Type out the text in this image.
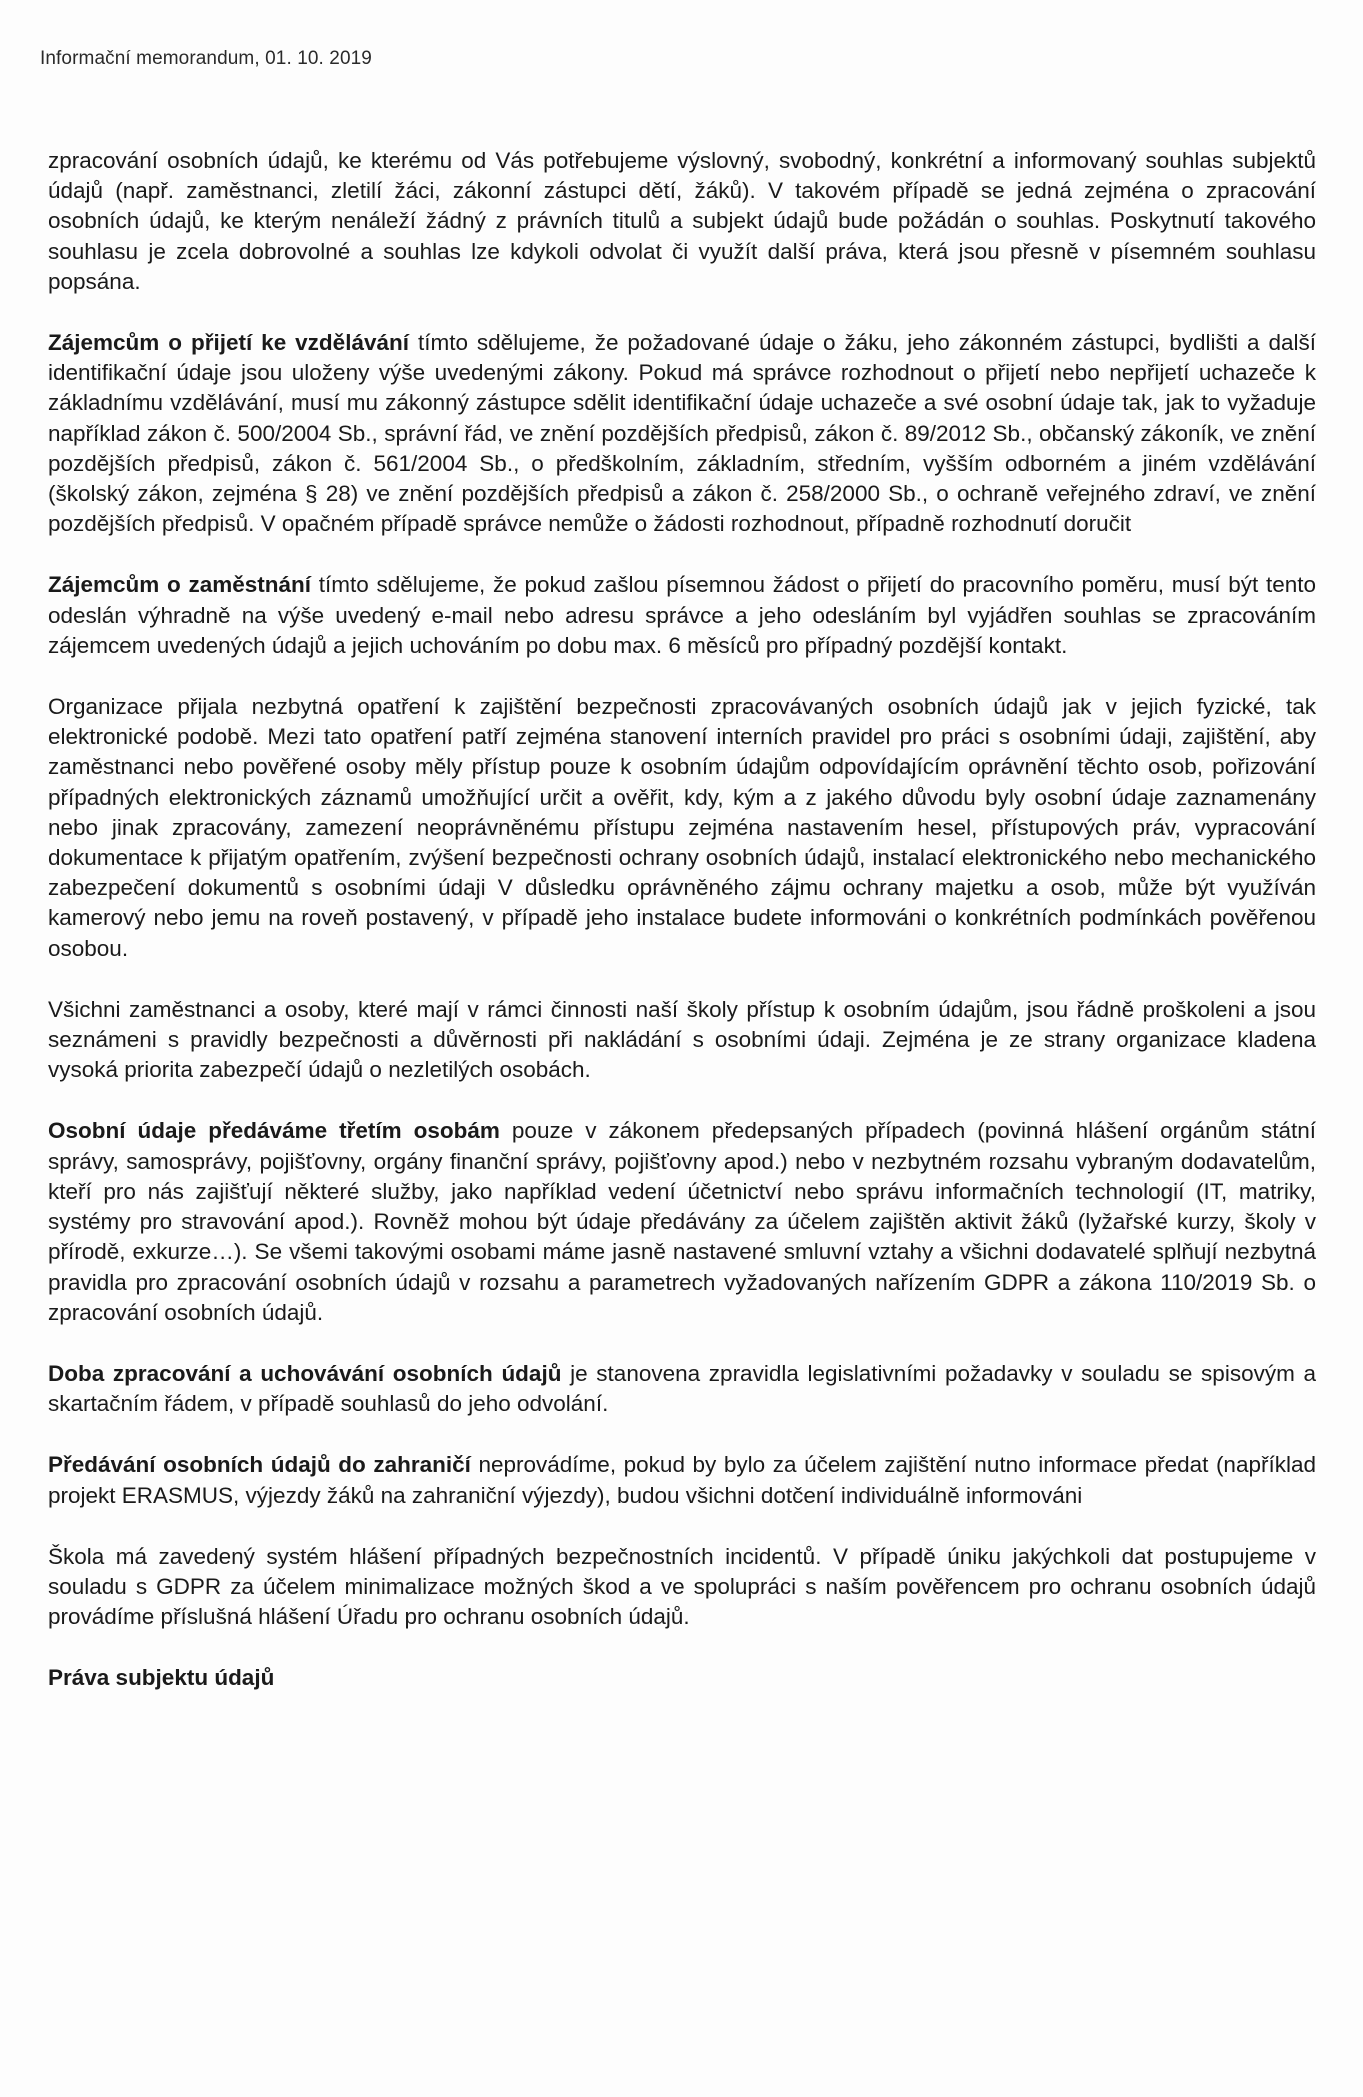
Informační memorandum, 01. 10. 2019

zpracování osobních údajů, ke kterému od Vás potřebujeme výslovný, svobodný, konkrétní a informovaný souhlas subjektů údajů (např. zaměstnanci, zletilí žáci, zákonní zástupci dětí, žáků). V takovém případě se jedná zejména o zpracování osobních údajů, ke kterým nenáleží žádný z právních titulů a subjekt údajů bude požádán o souhlas. Poskytnutí takového souhlasu je zcela dobrovolné a souhlas lze kdykoli odvolat či využít další práva, která jsou přesně v písemném souhlasu popsána.

Zájemcům o přijetí ke vzdělávání tímto sdělujeme, že požadované údaje o žáku, jeho zákonném zástupci, bydlišti a další identifikační údaje jsou uloženy výše uvedenými zákony. Pokud má správce rozhodnout o přijetí nebo nepřijetí uchazeče k základnímu vzdělávání, musí mu zákonný zástupce sdělit identifikační údaje uchazeče a své osobní údaje tak, jak to vyžaduje například zákon č. 500/2004 Sb., správní řád, ve znění pozdějších předpisů, zákon č. 89/2012 Sb., občanský zákoník, ve znění pozdějších předpisů, zákon č. 561/2004 Sb., o předškolním, základním, středním, vyšším odborném a jiném vzdělávání (školský zákon, zejména § 28) ve znění pozdějších předpisů a zákon č. 258/2000 Sb., o ochraně veřejného zdraví, ve znění pozdějších předpisů. V opačném případě správce nemůže o žádosti rozhodnout, případně rozhodnutí doručit

Zájemcům o zaměstnání tímto sdělujeme, že pokud zašlou písemnou žádost o přijetí do pracovního poměru, musí být tento odeslán výhradně na výše uvedený e-mail nebo adresu správce a jeho odesláním byl vyjádřen souhlas se zpracováním zájemcem uvedených údajů a jejich uchováním po dobu max. 6 měsíců pro případný pozdější kontakt.

Organizace přijala nezbytná opatření k zajištění bezpečnosti zpracovávaných osobních údajů jak v jejich fyzické, tak elektronické podobě. Mezi tato opatření patří zejména stanovení interních pravidel pro práci s osobními údaji, zajištění, aby zaměstnanci nebo pověřené osoby měly přístup pouze k osobním údajům odpovídajícím oprávnění těchto osob, pořizování případných elektronických záznamů umožňující určit a ověřit, kdy, kým a z jakého důvodu byly osobní údaje zaznamenány nebo jinak zpracovány, zamezení neoprávněnému přístupu zejména nastavením hesel, přístupových práv, vypracování dokumentace k přijatým opatřením, zvýšení bezpečnosti ochrany osobních údajů, instalací elektronického nebo mechanického zabezpečení dokumentů s osobními údaji V důsledku oprávněného zájmu ochrany majetku a osob, může být využíván kamerový nebo jemu na roveň postavený, v případě jeho instalace budete informováni o konkrétních podmínkách pověřenou osobou.

Všichni zaměstnanci a osoby, které mají v rámci činnosti naší školy přístup k osobním údajům, jsou řádně proškoleni a jsou seznámeni s pravidly bezpečnosti a důvěrnosti při nakládání s osobními údaji. Zejména je ze strany organizace kladena vysoká priorita zabezpečí údajů o nezletilých osobách.

Osobní údaje předáváme třetím osobám pouze v zákonem předepsaných případech (povinná hlášení orgánům státní správy, samosprávy, pojišťovny, orgány finanční správy, pojišťovny apod.) nebo v nezbytném rozsahu vybraným dodavatelům, kteří pro nás zajišťují některé služby, jako například vedení účetnictví nebo správu informačních technologií (IT, matriky, systémy pro stravování apod.). Rovněž mohou být údaje předávány za účelem zajištěn aktivit žáků (lyžařské kurzy, školy v přírodě, exkurze…). Se všemi takovými osobami máme jasně nastavené smluvní vztahy a všichni dodavatelé splňují nezbytná pravidla pro zpracování osobních údajů v rozsahu a parametrech vyžadovaných nařízením GDPR a zákona 110/2019 Sb. o zpracování osobních údajů.

Doba zpracování a uchovávání osobních údajů je stanovena zpravidla legislativními požadavky v souladu se spisovým a skartačním řádem, v případě souhlasů do jeho odvolání.

Předávání osobních údajů do zahraničí neprovádíme, pokud by bylo za účelem zajištění nutno informace předat (například projekt ERASMUS, výjezdy žáků na zahraniční výjezdy), budou všichni dotčení individuálně informováni

Škola má zavedený systém hlášení případných bezpečnostních incidentů. V případě úniku jakýchkoli dat postupujeme v souladu s GDPR za účelem minimalizace možných škod a ve spolupráci s naším pověřencem pro ochranu osobních údajů provádíme příslušná hlášení Úřadu pro ochranu osobních údajů.

Práva subjektu údajů
